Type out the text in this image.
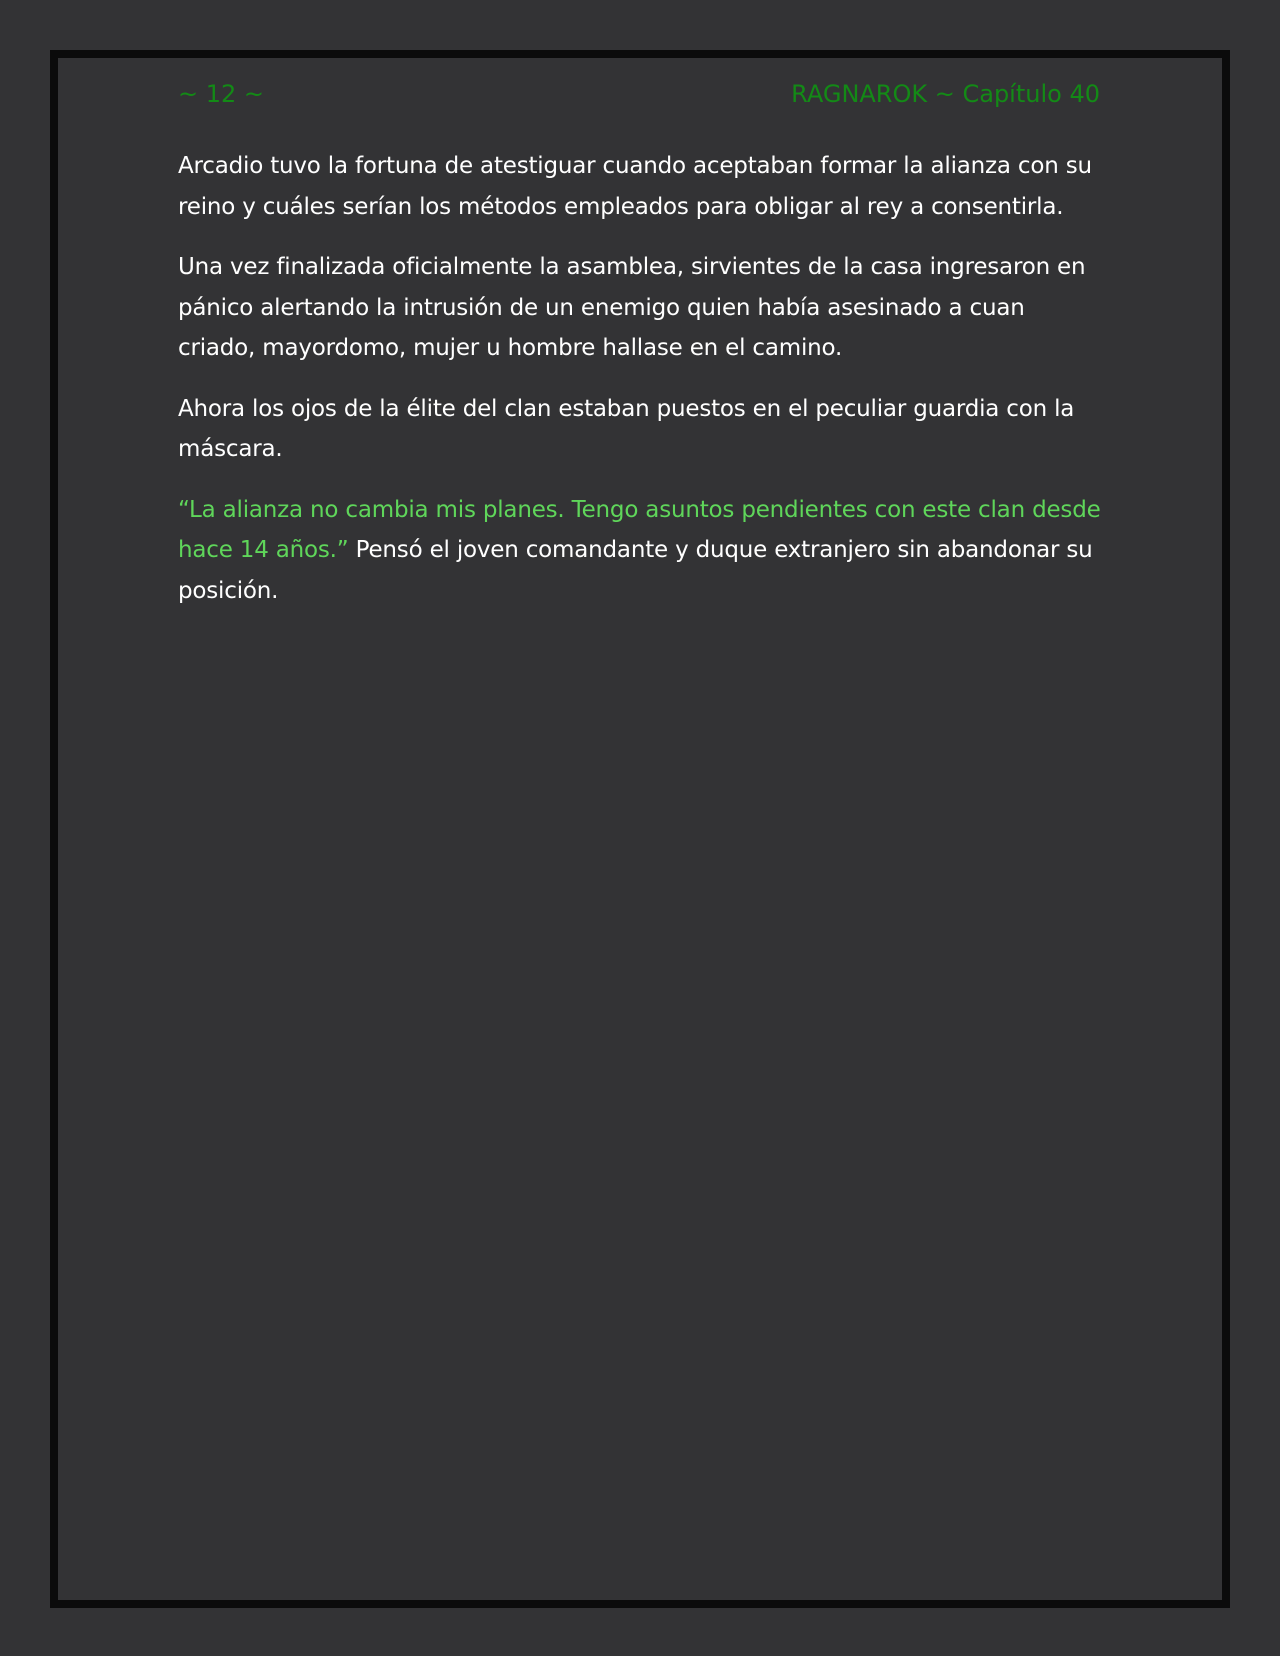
~ 12 ~	RAGNAROK ~ Capítulo 40

Arcadio tuvo la fortuna de atestiguar cuando aceptaban formar la alianza con su reino y cuáles serían los métodos empleados para obligar al rey a consentirla.

Una vez finalizada oficialmente la asamblea, sirvientes de la casa ingresaron en pánico alertando la intrusión de un enemigo quien había asesinado a cuan criado, mayordomo, mujer u hombre hallase en el camino.

Ahora los ojos de la élite del clan estaban puestos en el peculiar guardia con la máscara.

“La alianza no cambia mis planes. Tengo asuntos pendientes con este clan desde hace 14 años.” Pensó el joven comandante y duque extranjero sin abandonar su posición.
